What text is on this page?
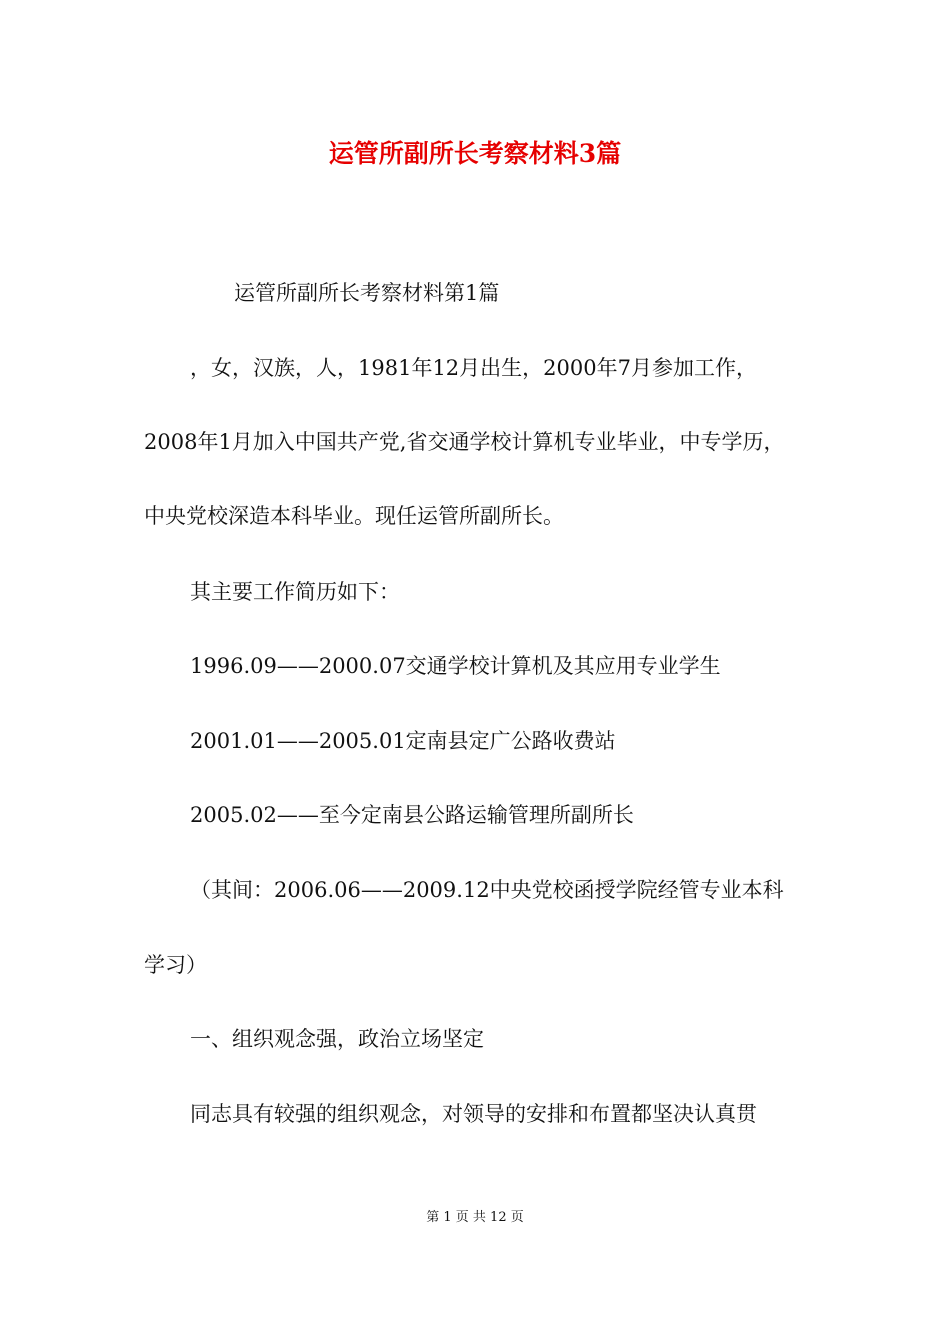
运管所副所长考察材料3篇

运管所副所长考察材料第1篇

，女，汉族，人，1981年12月出生，2000年7月参加工作，

2008年1月加入中国共产党,省交通学校计算机专业毕业，中专学历，

中央党校深造本科毕业。现任运管所副所长。

其主要工作简历如下：

1996.09——2000.07交通学校计算机及其应用专业学生

2001.01——2005.01定南县定广公路收费站

2005.02——至今定南县公路运输管理所副所长

（其间：2006.06——2009.12中央党校函授学院经管专业本科

学习）

一、组织观念强，政治立场坚定

同志具有较强的组织观念，对领导的安排和布置都坚决认真贯

第 1 页 共 12 页
